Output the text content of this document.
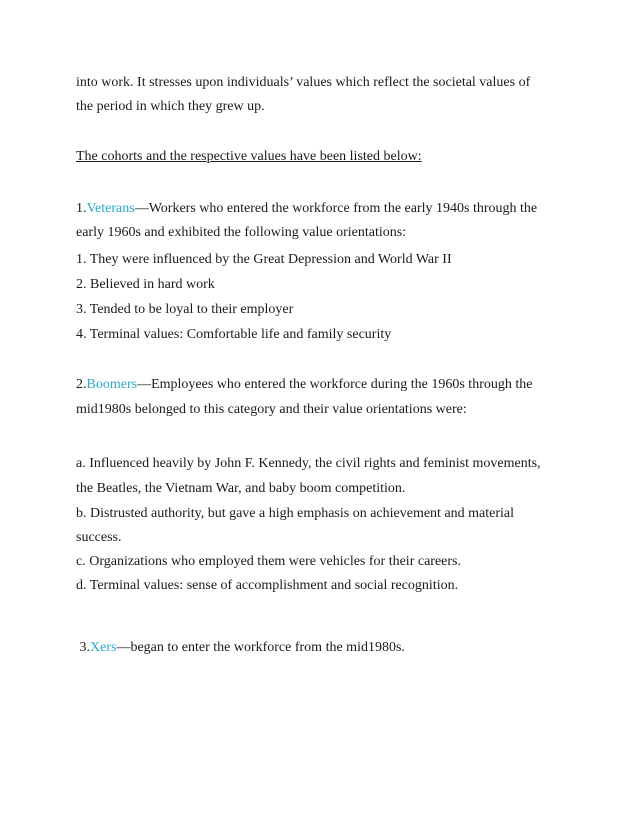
into work. It stresses upon individuals’ values which reflect the societal values of
the period in which they grew up.
The cohorts and the respective values have been listed below:
1.Veterans—Workers who entered the workforce from the early 1940s through the
early 1960s and exhibited the following value orientations:
1. They were influenced by the Great Depression and World War II
2. Believed in hard work
3. Tended to be loyal to their employer
4. Terminal values: Comfortable life and family security
2.Boomers—Employees who entered the workforce during the 1960s through the
mid1980s belonged to this category and their value orientations were:
a. Influenced heavily by John F. Kennedy, the civil rights and feminist movements,
the Beatles, the Vietnam War, and baby boom competition.
b. Distrusted authority, but gave a high emphasis on achievement and material
success.
c. Organizations who employed them were vehicles for their careers.
d. Terminal values: sense of accomplishment and social recognition.
3.Xers—began to enter the workforce from the mid1980s.
